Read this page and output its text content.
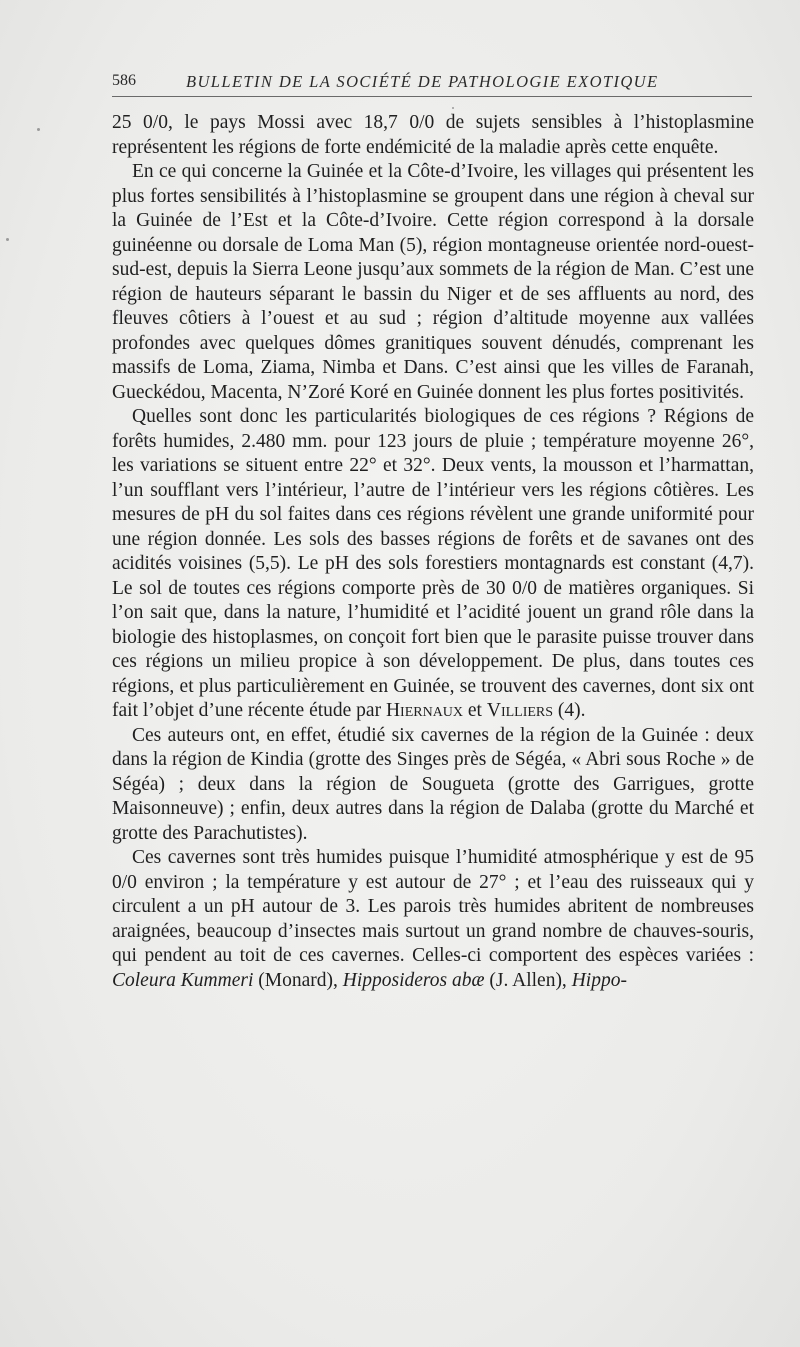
586	BULLETIN DE LA SOCIÉTÉ DE PATHOLOGIE EXOTIQUE

25 0/0, le pays Mossi avec 18,7 0/0 de sujets sensibles à l’histoplasmine représentent les régions de forte endémicité de la maladie après cette enquête.

En ce qui concerne la Guinée et la Côte-d’Ivoire, les villages qui présentent les plus fortes sensibilités à l’histoplasmine se groupent dans une région à cheval sur la Guinée de l’Est et la Côte-d’Ivoire. Cette région correspond à la dorsale guinéenne ou dorsale de Loma Man (5), région montagneuse orientée nord-ouest-sud-est, depuis la Sierra Leone jusqu’aux sommets de la région de Man. C’est une région de hauteurs séparant le bassin du Niger et de ses affluents au nord, des fleuves côtiers à l’ouest et au sud ; région d’altitude moyenne aux vallées profondes avec quelques dômes granitiques souvent dénudés, comprenant les massifs de Loma, Ziama, Nimba et Dans. C’est ainsi que les villes de Faranah, Gueckédou, Macenta, N’Zoré Koré en Guinée donnent les plus fortes positivités.

Quelles sont donc les particularités biologiques de ces régions ? Régions de forêts humides, 2.480 mm. pour 123 jours de pluie ; température moyenne 26°, les variations se situent entre 22° et 32°. Deux vents, la mousson et l’harmattan, l’un soufflant vers l’intérieur, l’autre de l’intérieur vers les régions côtières. Les mesures de pH du sol faites dans ces régions révèlent une grande uniformité pour une région donnée. Les sols des basses régions de forêts et de savanes ont des acidités voisines (5,5). Le pH des sols forestiers montagnards est constant (4,7). Le sol de toutes ces régions comporte près de 30 0/0 de matières organiques. Si l’on sait que, dans la nature, l’humidité et l’acidité jouent un grand rôle dans la biologie des histoplasmes, on conçoit fort bien que le parasite puisse trouver dans ces régions un milieu propice à son développement. De plus, dans toutes ces régions, et plus particulièrement en Guinée, se trouvent des cavernes, dont six ont fait l’objet d’une récente étude par Hiernaux et Villiers (4).

Ces auteurs ont, en effet, étudié six cavernes de la région de la Guinée : deux dans la région de Kindia (grotte des Singes près de Ségéa, « Abri sous Roche » de Ségéa) ; deux dans la région de Sougueta (grotte des Garrigues, grotte Maisonneuve) ; enfin, deux autres dans la région de Dalaba (grotte du Marché et grotte des Parachutistes).

Ces cavernes sont très humides puisque l’humidité atmosphérique y est de 95 0/0 environ ; la température y est autour de 27° ; et l’eau des ruisseaux qui y circulent a un pH autour de 3. Les parois très humides abritent de nombreuses araignées, beaucoup d’insectes mais surtout un grand nombre de chauves-souris, qui pendent au toit de ces cavernes. Celles-ci comportent des espèces variées : Coleura Kummeri (Monard), Hipposideros abæ (J. Allen), Hippo-
